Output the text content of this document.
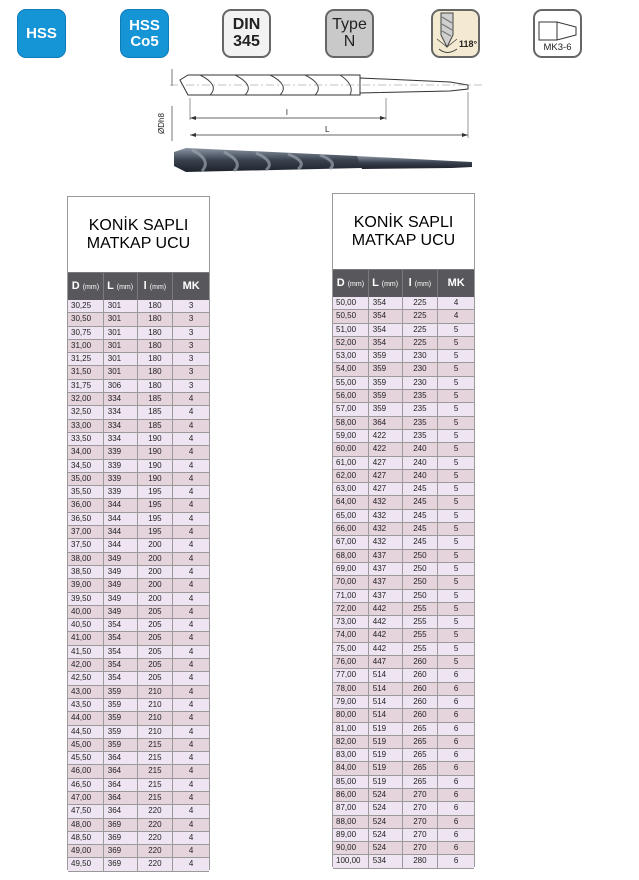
HSS	HSS
Co5
DIN
345
Type
N	118°	MK3-6
l
L
ØDh8
KONİK SAPLI
MATKAP UCU
D (mm) L (mm) l (mm)	MK
30,25	301	180	3
30,50	301	180	3
30,75	301	180	3
31,00	301	180	3
31,25	301	180	3
31,50	301	180	3
31,75	306	180	3
32,00	334	185	4
32,50	334	185	4
33,00	334	185	4
33,50	334	190	4
34,00	339	190	4
34,50	339	190	4
35,00	339	190	4
35,50	339	195	4
36,00	344	195	4
36,50	344	195	4
37,00	344	195	4
37,50	344	200	4
38,00	349	200	4
38,50	349	200	4
39,00	349	200	4
39,50	349	200	4
40,00	349	205	4
40,50	354	205	4
41,00	354	205	4
41,50	354	205	4
42,00	354	205	4
42,50	354	205	4
43,00	359	210	4
43,50	359	210	4
44,00	359	210	4
44,50	359	210	4
45,00	359	215	4
45,50	364	215	4
46,00	364	215	4
46,50	364	215	4
47,00	364	215	4
47,50	364	220	4
48,00	369	220	4
48,50	369	220	4
49,00	369	220	4
49,50	369	220	4
KONİK SAPLI
MATKAP UCU
D (mm) L (mm) l (mm)	MK
50,00	354	225	4
50,50	354	225	4
51,00	354	225	5
52,00	354	225	5
53,00	359	230	5
54,00	359	230	5
55,00	359	230	5
56,00	359	235	5
57,00	359	235	5
58,00	364	235	5
59,00	422	235	5
60,00	422	240	5
61,00	427	240	5
62,00	427	240	5
63,00	427	245	5
64,00	432	245	5
65,00	432	245	5
66,00	432	245	5
67,00	432	245	5
68,00	437	250	5
69,00	437	250	5
70,00	437	250	5
71,00	437	250	5
72,00	442	255	5
73,00	442	255	5
74,00	442	255	5
75,00	442	255	5
76,00	447	260	5
77,00	514	260	6
78,00	514	260	6
79,00	514	260	6
80,00	514	260	6
81,00	519	265	6
82,00	519	265	6
83,00	519	265	6
84,00	519	265	6
85,00	519	265	6
86,00	524	270	6
87,00	524	270	6
88,00	524	270	6
89,00	524	270	6
90,00	524	270	6
100,00	534	280	6
